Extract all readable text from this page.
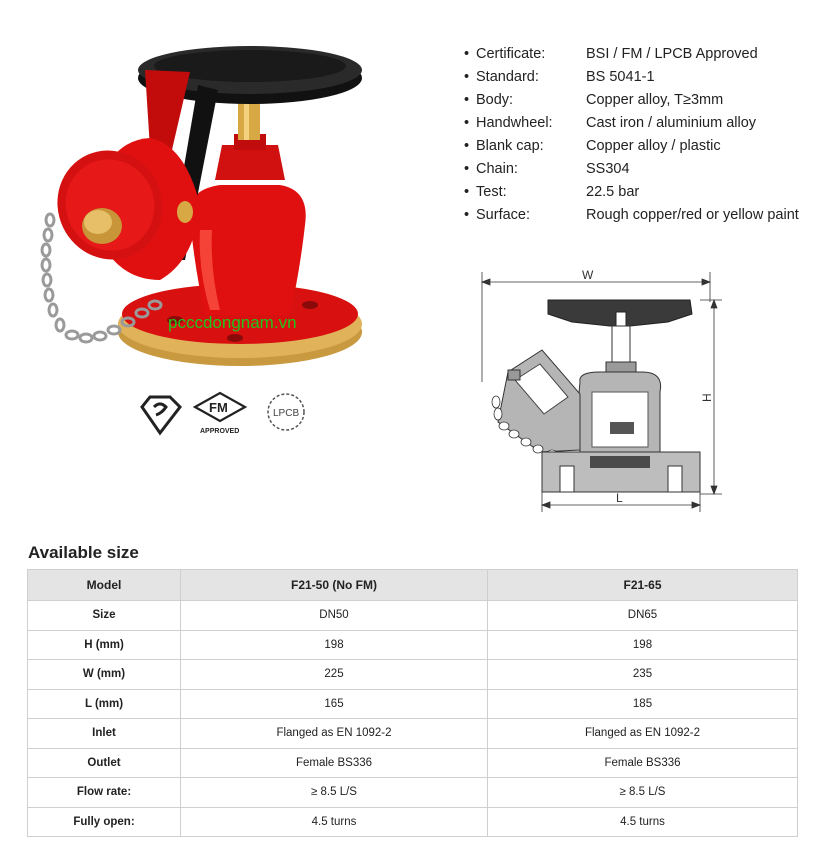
pcccdongnam.vn
FM
APPROVED
LPCB
• Certificate:	BSI / FM / LPCB Approved
• Standard:	BS 5041-1
• Body:	Copper alloy, T≥3mm
• Handwheel:	Cast iron / aluminium alloy
• Blank cap:	Copper alloy / plastic
• Chain:	SS304
• Test:	22.5 bar
• Surface:	Rough copper/red or yellow paint
W
H
L
Available size
Model	F21-50 (No FM)	F21-65
Size	DN50	DN65
H (mm)	198	198
W (mm)	225	235
L (mm)	165	185
Inlet	Flanged as EN 1092-2	Flanged as EN 1092-2
Outlet	Female BS336	Female BS336
Flow rate:	≥ 8.5 L/S	≥ 8.5 L/S
Fully open:	4.5 turns	4.5 turns
